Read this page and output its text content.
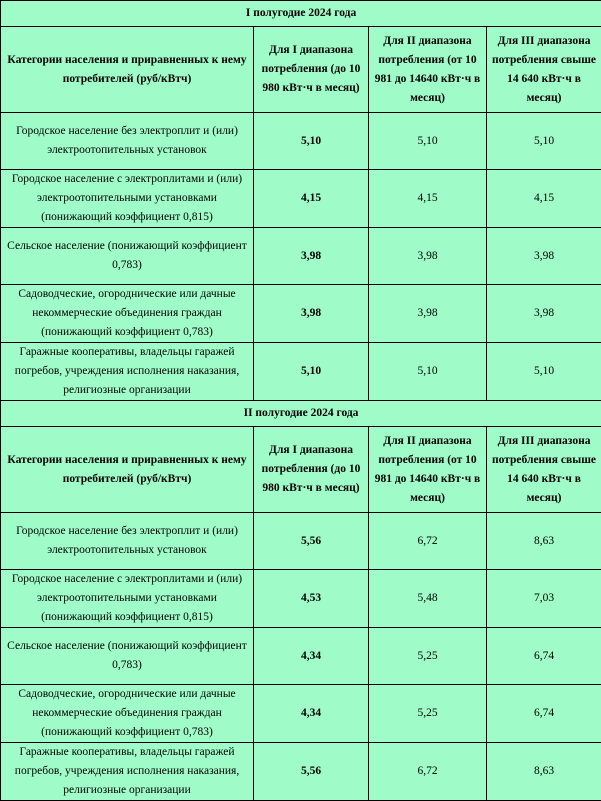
I полугодие 2024 года			
Категории населения и приравненных к нему потребителей (руб/кВтч)	Для I диапазона потребления (до 10 980 кВт·ч в месяц)	Для II диапазона потребления (от 10 981 до 14640 кВт·ч в месяц)	Для III диапазона потребления свыше 14 640 кВт·ч в месяц)
Городское население без электроплит и (или) электроотопительных установок	5,10	5,10	5,10
Городское население с электроплитами и (или) электроотопительными установками (понижающий коэффициент 0,815)	4,15	4,15	4,15
Сельское население (понижающий коэффициент 0,783)	3,98	3,98	3,98
Садоводческие, огороднические или дачные некоммерческие объединения граждан (понижающий коэффициент 0,783)	3,98	3,98	3,98
Гаражные кооперативы, владельцы гаражей погребов, учреждения исполнения наказания, религиозные организации	5,10	5,10	5,10
II полугодие 2024 года			
Категории населения и приравненных к нему потребителей (руб/кВтч)	Для I диапазона потребления (до 10 980 кВт·ч в месяц)	Для II диапазона потребления (от 10 981 до 14640 кВт·ч в месяц)	Для III диапазона потребления свыше 14 640 кВт·ч в месяц)
Городское население без электроплит и (или) электроотопительных установок	5,56	6,72	8,63
Городское население с электроплитами и (или) электроотопительными установками (понижающий коэффициент 0,815)	4,53	5,48	7,03
Сельское население (понижающий коэффициент 0,783)	4,34	5,25	6,74
Садоводческие, огороднические или дачные некоммерческие объединения граждан (понижающий коэффициент 0,783)	4,34	5,25	6,74
Гаражные кооперативы, владельцы гаражей погребов, учреждения исполнения наказания, религиозные организации	5,56	6,72	8,63
